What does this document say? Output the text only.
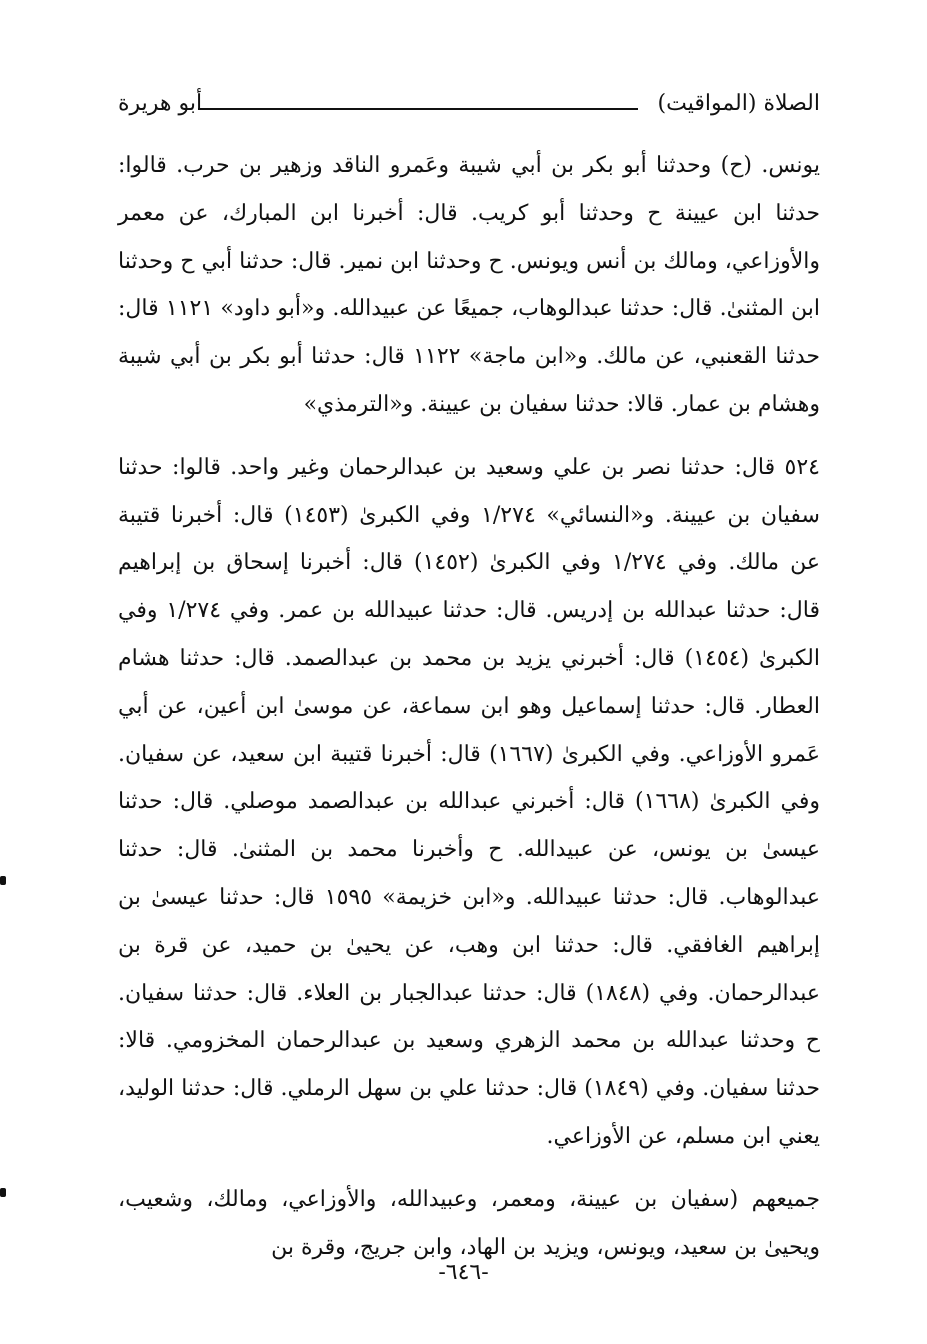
الصلاة (المواقيت)
أبو هريرة

يونس. (ح) وحدثنا أبو بكر بن أبي شيبة وعَمرو الناقد وزهير بن حرب. قالوا: حدثنا ابن عيينة ح وحدثنا أبو كريب. قال: أخبرنا ابن المبارك، عن معمر والأوزاعي، ومالك بن أنس ويونس. ح وحدثنا ابن نمير. قال: حدثنا أبي ح وحدثنا ابن المثنىٰ. قال: حدثنا عبدالوهاب، جميعًا عن عبيدالله. و«أبو داود» ١١٢١ قال: حدثنا القعنبي، عن مالك. و«ابن ماجة» ١١٢٢ قال: حدثنا أبو بكر بن أبي شيبة وهشام بن عمار. قالا: حدثنا سفيان بن عيينة. و«الترمذي»

٥٢٤ قال: حدثنا نصر بن علي وسعيد بن عبدالرحمان وغير واحد. قالوا: حدثنا سفيان بن عيينة. و«النسائي» ١/٢٧٤ وفي الكبرىٰ (١٤٥٣) قال: أخبرنا قتيبة عن مالك. وفي ١/٢٧٤ وفي الكبرىٰ (١٤٥٢) قال: أخبرنا إسحاق بن إبراهيم قال: حدثنا عبدالله بن إدريس. قال: حدثنا عبيدالله بن عمر. وفي ١/٢٧٤ وفي الكبرىٰ (١٤٥٤) قال: أخبرني يزيد بن محمد بن عبدالصمد. قال: حدثنا هشام العطار. قال: حدثنا إسماعيل وهو ابن سماعة، عن موسىٰ ابن أعين، عن أبي عَمرو الأوزاعي. وفي الكبرىٰ (١٦٦٧) قال: أخبرنا قتيبة ابن سعيد، عن سفيان. وفي الكبرىٰ (١٦٦٨) قال: أخبرني عبدالله بن عبدالصمد موصلي. قال: حدثنا عيسىٰ بن يونس، عن عبيدالله. ح وأخبرنا محمد بن المثنىٰ. قال: حدثنا عبدالوهاب. قال: حدثنا عبيدالله. و«ابن خزيمة» ١٥٩٥ قال: حدثنا عيسىٰ بن إبراهيم الغافقي. قال: حدثنا ابن وهب، عن يحيىٰ بن حميد، عن قرة بن عبدالرحمان. وفي (١٨٤٨) قال: حدثنا عبدالجبار بن العلاء. قال: حدثنا سفيان. ح وحدثنا عبدالله بن محمد الزهري وسعيد بن عبدالرحمان المخزومي. قالا: حدثنا سفيان. وفي (١٨٤٩) قال: حدثنا علي بن سهل الرملي. قال: حدثنا الوليد، يعني ابن مسلم، عن الأوزاعي.

جميعهم (سفيان بن عيينة، ومعمر، وعبيدالله، والأوزاعي، ومالك، وشعيب، ويحيىٰ بن سعيد، ويونس، ويزيد بن الهاد، وابن جريج، وقرة بن

-٦٤٦-
